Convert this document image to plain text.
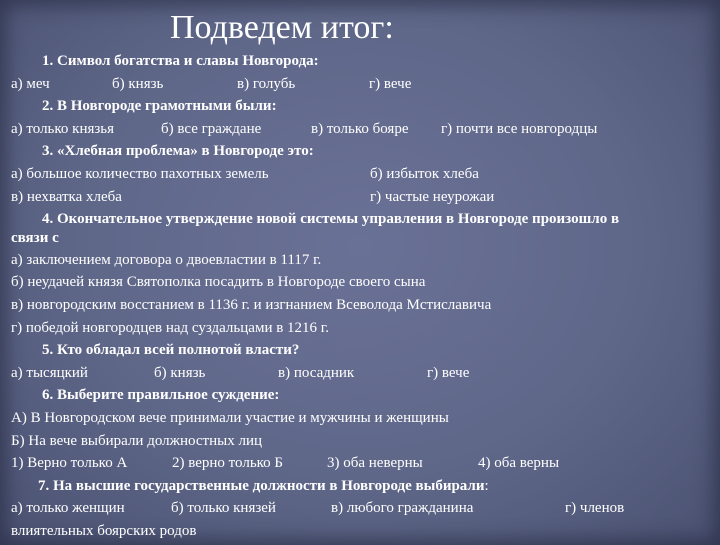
Подведем итог:
1. Символ богатства и славы Новгорода:
а) меч	б) князь	в) голубь	г) вече
2. В Новгороде грамотными были:
а) только князья	б) все граждане	в) только бояре г) почти все новгородцы
3. «Хлебная проблема» в Новгороде это:
а) большое количество пахотных земель	б) избыток хлеба
в) нехватка хлеба	г) частые неурожаи
4. Окончательное утверждение новой системы управления в Новгороде произошло в
связи с
а) заключением договора о двоевластии в 1117 г.
б) неудачей князя Святополка посадить в Новгороде своего сына
в) новгородским восстанием в 1136 г. и изгнанием Всеволода Мстиславича
г) победой новгородцев над суздальцами в 1216 г.
5. Кто обладал всей полнотой власти?
а) тысяцкий	б) князь	в) посадник	г) вече
6. Выберите правильное суждение:
А) В Новгородском вече принимали участие и мужчины и женщины
Б) На вече выбирали должностных лиц
1) Верно только А	2) верно только Б	3) оба неверны	4) оба верны
7. На высшие государственные должности в Новгороде выбирали:
а) только женщин	б) только князей	в) любого гражданина	г) членов
влиятельных боярских родов
